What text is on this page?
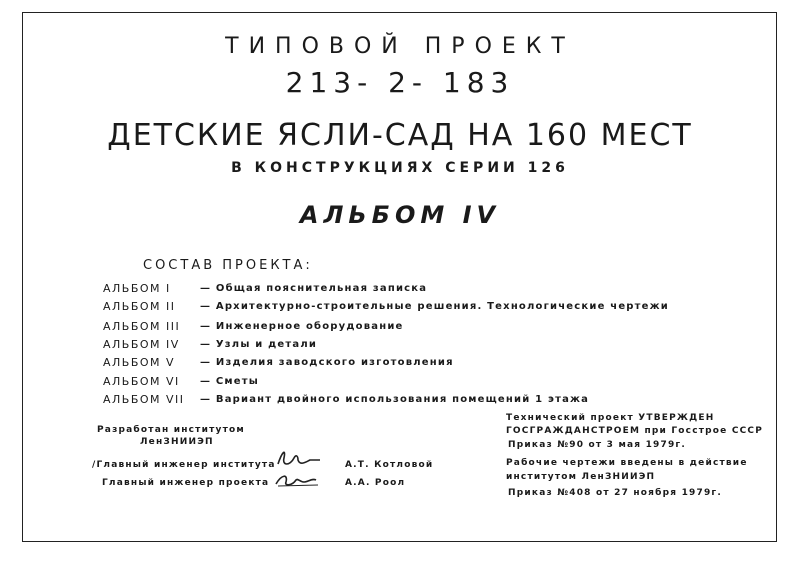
ТИПОВОЙ ПРОЕКТ
213- 2- 183
ДЕТСКИЕ ЯСЛИ-САД НА 160 МЕСТ
В КОНСТРУКЦИЯХ СЕРИИ 126
АЛЬБОМ IV
СОСТАВ ПРОЕКТА:
АЛЬБОМ I	— Общая пояснительная записка
АЛЬБОМ II — Архитектурно-строительные решения. Технологические чертежи
АЛЬБОМ III — Инженерное оборудование
АЛЬБОМ IV — Узлы и детали
АЛЬБОМ V — Изделия заводского изготовления
АЛЬБОМ VI — Сметы
АЛЬБОМ VII — Вариант двойного использования помещений 1 этажа
Разработан институтом
ЛенЗНИИЭП
/Главный инженер института	А.Т. Котловой
Главный инженер проекта	А.А. Роол
Технический проект УТВЕРЖДЕН
ГОСГРАЖДАНСТРОЕМ при Госстрое СССР
Приказ №90 от 3 мая 1979г.
Рабочие чертежи введены в действие
институтом ЛенЗНИИЭП
Приказ №408 от 27 ноября 1979г.
